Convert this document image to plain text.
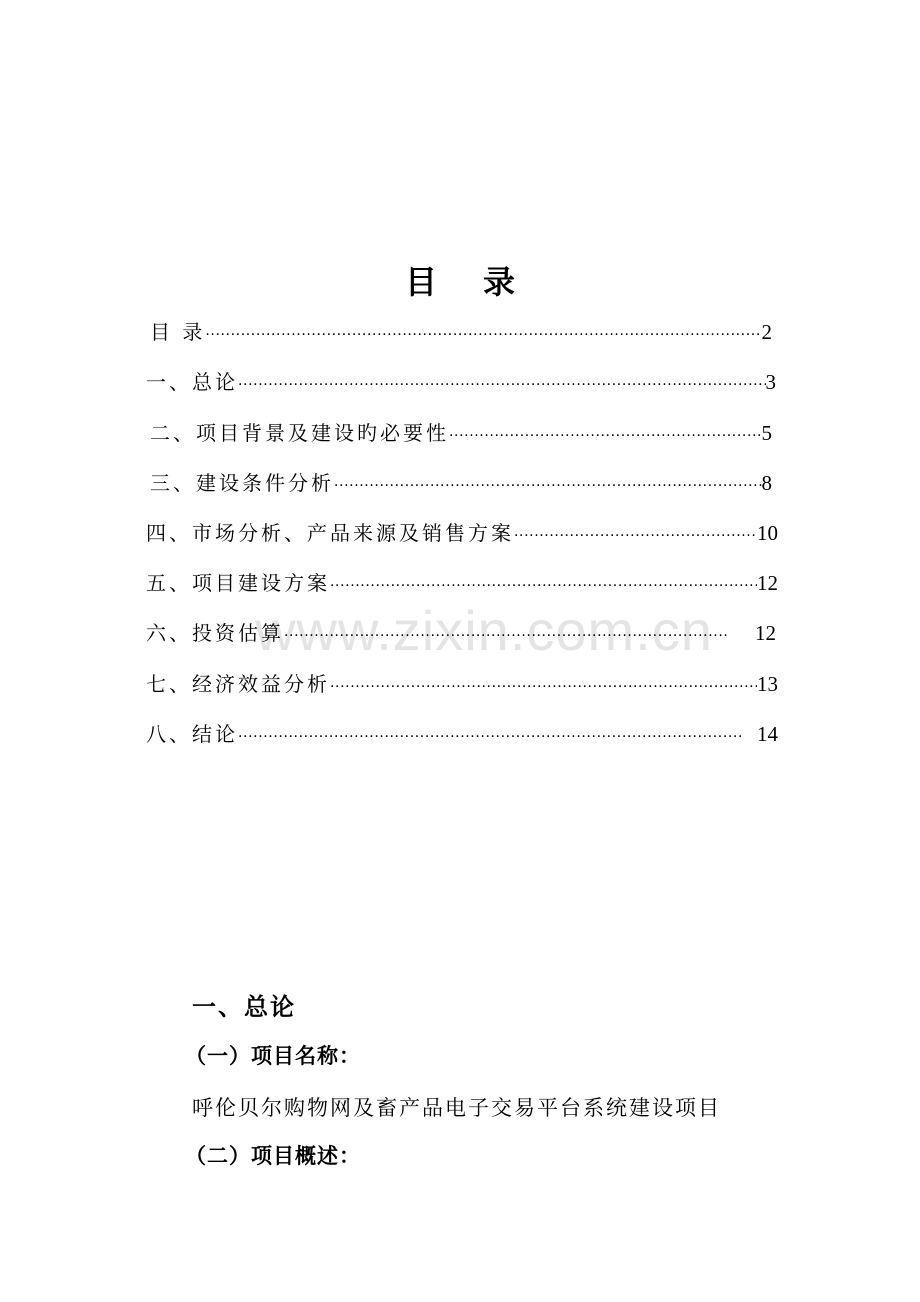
www.zixin.com.cn
目 录
目 录 ·····	2
一、总论 ·····	3
二、项目背景及建设旳必要性 ·····	5
三、建设条件分析 ·····	8
四、市场分析、产品来源及销售方案 ·····	10
五、项目建设方案 ·····	12
六、投资估算 ·····	12
七、经济效益分析 ·····	13
八、结论 ·····	14
一、总论
（一）项目名称：
呼伦贝尔购物网及畜产品电子交易平台系统建设项目
（二）项目概述：
